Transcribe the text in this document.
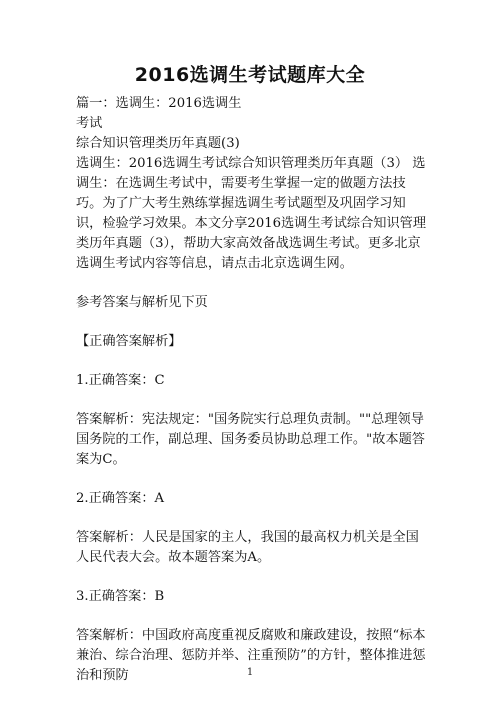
2016选调生考试题库大全

篇一：选调生：2016选调生

考试

综合知识管理类历年真题(3)

选调生：2016选调生考试综合知识管理类历年真题（3） 选调生：在选调生考试中，需要考生掌握一定的做题方法技巧。为了广大考生熟练掌握选调生考试题型及巩固学习知识，检验学习效果。本文分享2016选调生考试综合知识管理类历年真题（3），帮助大家高效备战选调生考试。更多北京选调生考试内容等信息，请点击北京选调生网。

参考答案与解析见下页

【正确答案解析】

1.正确答案：C

答案解析：宪法规定："国务院实行总理负责制。""总理领导国务院的工作，副总理、国务委员协助总理工作。"故本题答案为C。

2.正确答案：A

答案解析：人民是国家的主人，我国的最高权力机关是全国人民代表大会。故本题答案为A。

3.正确答案：B

答案解析：中国政府高度重视反腐败和廉政建设，按照“标本兼治、综合治理、惩防并举、注重预防”的方针，整体推进惩治和预防	1
